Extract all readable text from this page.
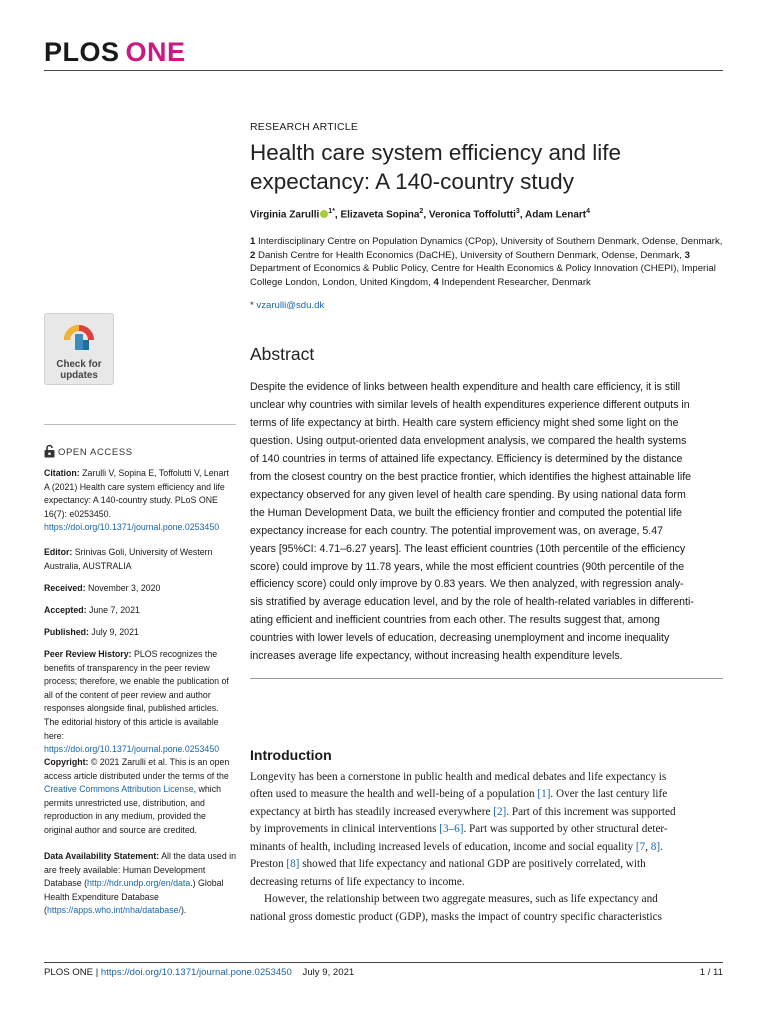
PLOS ONE
RESEARCH ARTICLE
Health care system efficiency and life
expectancy: A 140-country study
Virginia Zarulli $^{1*}$, Elizaveta Sopina$^2$, Veronica Toffolutti$^3$, Adam Lenart$^4$
1 Interdisciplinary Centre on Population Dynamics (CPop), University of Southern Denmark, Odense, Denmark, 2 Danish Centre for Health Economics (DaCHE), University of Southern Denmark, Odense, Denmark, 3 Department of Economics & Public Policy, Centre for Health Economics & Policy Innovation (CHEPI), Imperial College London, London, United Kingdom, 4 Independent Researcher, Denmark
* vzarulli@sdu.dk
Abstract
Despite the evidence of links between health expenditure and health care efficiency, it is still
unclear why countries with similar levels of health expenditures experience different outputs in
terms of life expectancy at birth. Health care system efficiency might shed some light on the
question. Using output-oriented data envelopment analysis, we compared the health systems
of 140 countries in terms of attained life expectancy. Efficiency is determined by the distance
from the closest country on the best practice frontier, which identifies the highest attainable life
expectancy observed for any given level of health care spending. By using national data form
the Human Development Data, we built the efficiency frontier and computed the potential life
expectancy increase for each country. The potential improvement was, on average, 5.47
years [95%CI: 4.71–6.27 years]. The least efficient countries (10th percentile of the efficiency
score) could improve by 11.78 years, while the most efficient countries (90th percentile of the
efficiency score) could only improve by 0.83 years. We then analyzed, with regression analy-
sis stratified by average education level, and by the role of health-related variables in differenti-
ating efficient and inefficient countries from each other. The results suggest that, among
countries with lower levels of education, decreasing unemployment and income inequality
increases average life expectancy, without increasing health expenditure levels.
Introduction
Longevity has been a cornerstone in public health and medical debates and life expectancy is
often used to measure the health and well-being of a population [1]. Over the last century life
expectancy at birth has steadily increased everywhere [2]. Part of this increment was supported
by improvements in clinical interventions [3–6]. Part was supported by other structural deter-
minants of health, including increased levels of education, income and social equality [7, 8].
Preston [8] showed that life expectancy and national GDP are positively correlated, with
decreasing returns of life expectancy to income.
However, the relationship between two aggregate measures, such as life expectancy and
national gross domestic product (GDP), masks the impact of country specific characteristics
Check for
updates
OPEN ACCESS
Citation: Zarulli V, Sopina E, Toffolutti V, Lenart A (2021) Health care system efficiency and life expectancy: A 140-country study. PLoS ONE 16(7): e0253450. https://doi.org/10.1371/journal.pone.0253450
Editor: Srinivas Goli, University of Western Australia, AUSTRALIA
Received: November 3, 2020
Accepted: June 7, 2021
Published: July 9, 2021
Peer Review History: PLOS recognizes the benefits of transparency in the peer review process; therefore, we enable the publication of all of the content of peer review and author responses alongside final, published articles. The editorial history of this article is available here: https://doi.org/10.1371/journal.pone.0253450
Copyright: © 2021 Zarulli et al. This is an open access article distributed under the terms of the Creative Commons Attribution License, which permits unrestricted use, distribution, and reproduction in any medium, provided the original author and source are credited.
Data Availability Statement: All the data used in are freely available: Human Development Database (http://hdr.undp.org/en/data.) Global Health Expenditure Database (https://apps.who.int/nha/database/).
PLOS ONE | https://doi.org/10.1371/journal.pone.0253450 July 9, 2021	1 / 11
